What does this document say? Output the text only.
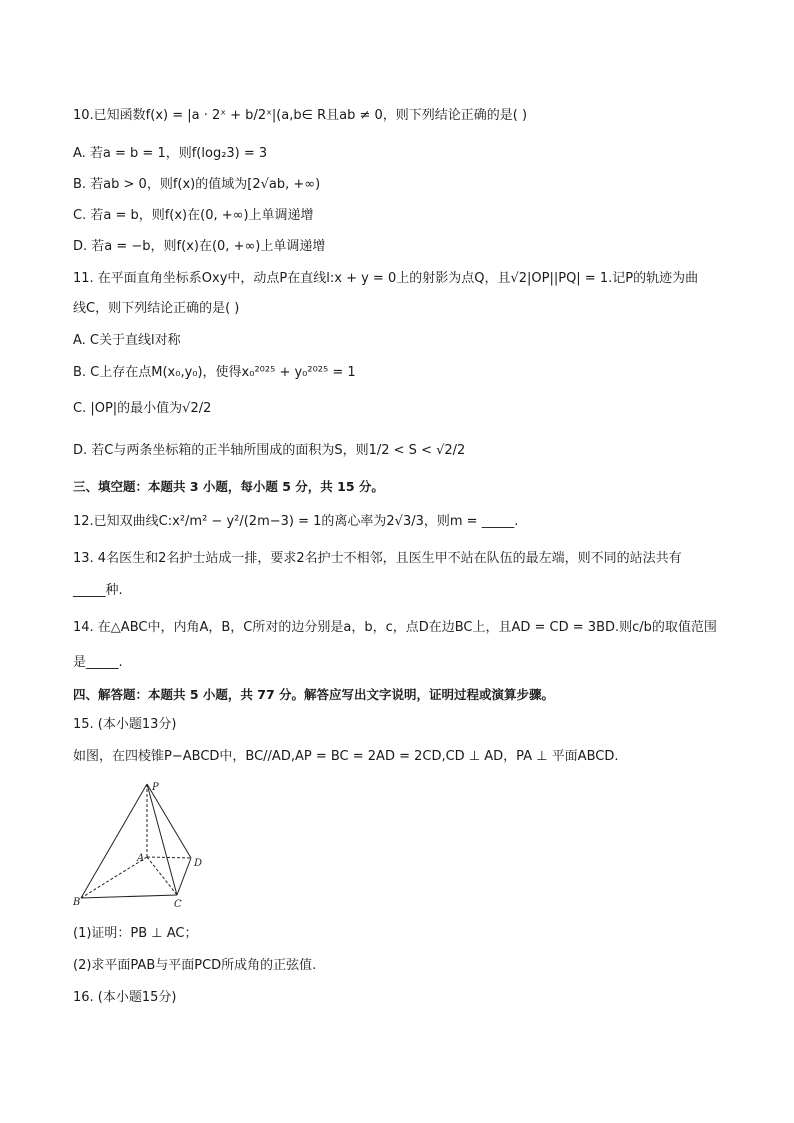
10.已知函数f(x) = |a · 2ˣ + b/2ˣ|(a,b∈ R且ab ≠ 0，则下列结论正确的是( )
A. 若a = b = 1，则f(log₂3) = 3
B. 若ab > 0，则f(x)的值域为[2√ab, +∞)
C. 若a = b，则f(x)在(0, +∞)上单调递增
D. 若a = −b，则f(x)在(0, +∞)上单调递增
11. 在平面直角坐标系Oxy中，动点P在直线l:x + y = 0上的射影为点Q，且√2|OP||PQ| = 1.记P的轨迹为曲
线C，则下列结论正确的是( )
A. C关于直线l对称
B. C上存在点M(x₀,y₀)，使得x₀²⁰²⁵ + y₀²⁰²⁵ = 1
C. |OP|的最小值为√2/2
D. 若C与两条坐标箱的正半轴所围成的面积为S，则1/2 < S < √2/2
三、填空题：本题共 3 小题，每小题 5 分，共 15 分。
12.已知双曲线C:x²/m² − y²/(2m−3) = 1的离心率为2√3/3，则m = _____.
13. 4名医生和2名护士站成一排，要求2名护士不相邻，且医生甲不站在队伍的最左端，则不同的站法共有
_____种.
14. 在△ABC中，内角A，B，C所对的边分别是a，b，c，点D在边BC上，且AD = CD = 3BD.则c/b的取值范围
是_____.
四、解答题：本题共 5 小题，共 77 分。解答应写出文字说明，证明过程或演算步骤。
15. (本小题13分)
如图，在四棱锥P−ABCD中，BC//AD,AP = BC = 2AD = 2CD,CD ⊥ AD，PA ⊥ 平面ABCD.
P
A	D
B	C
(1)证明：PB ⊥ AC；
(2)求平面PAB与平面PCD所成角的正弦值.
16. (本小题15分)
